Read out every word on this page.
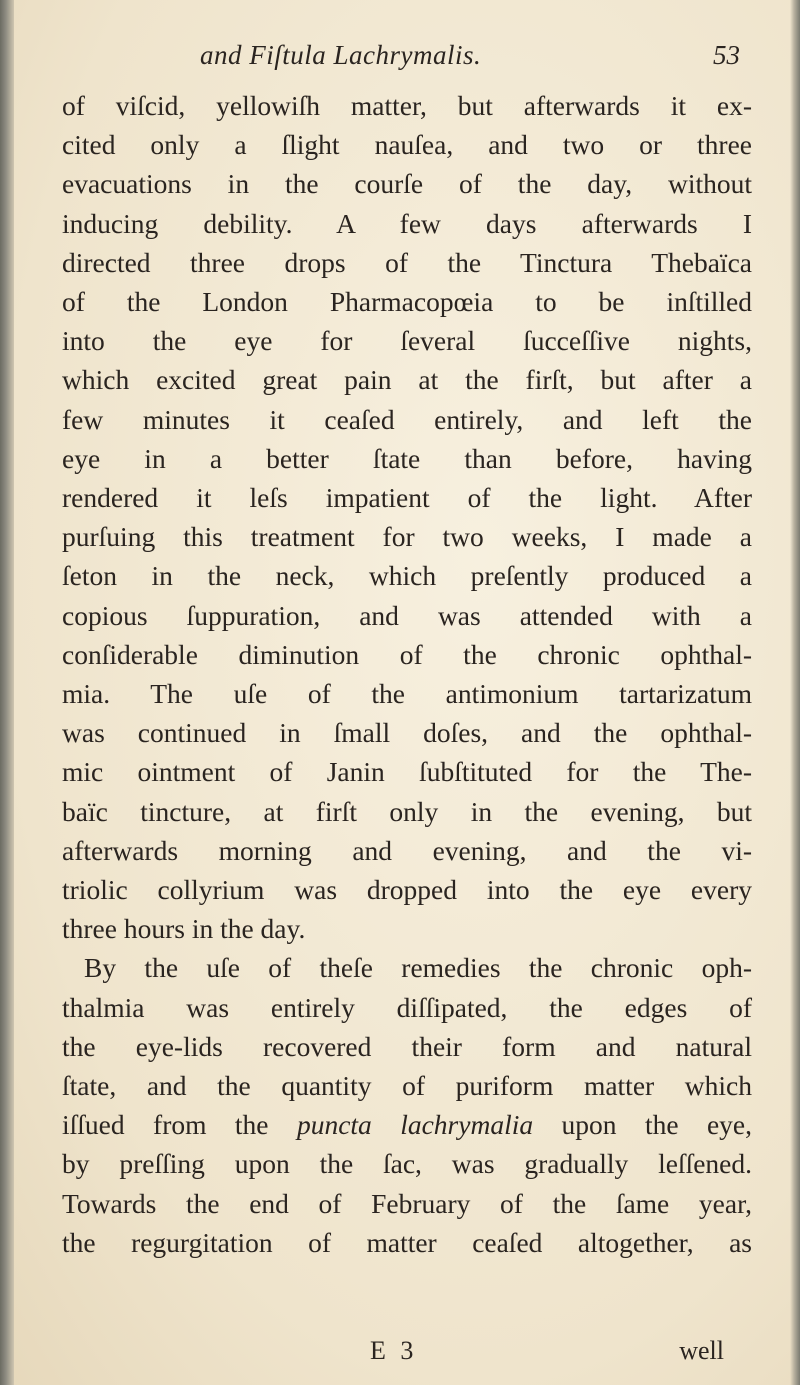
and Fiſtula Lachrymalis.	53
of viſcid, yellowiſh matter, but afterwards it ex-
cited only a ſlight nauſea, and two or three
evacuations in the courſe of the day, without
inducing debility. A few days afterwards I
directed three drops of the Tinctura Thebaïca
of the London Pharmacopœia to be inſtilled
into the eye for ſeveral ſucceſſive nights,
which excited great pain at the firſt, but after a
few minutes it ceaſed entirely, and left the
eye in a better ſtate than before, having
rendered it leſs impatient of the light. After
purſuing this treatment for two weeks, I made a
ſeton in the neck, which preſently produced a
copious ſuppuration, and was attended with a
conſiderable diminution of the chronic ophthal-
mia. The uſe of the antimonium tartarizatum
was continued in ſmall doſes, and the ophthal-
mic ointment of Janin ſubſtituted for the The-
baïc tincture, at firſt only in the evening, but
afterwards morning and evening, and the vi-
triolic collyrium was dropped into the eye every
three hours in the day.
By the uſe of theſe remedies the chronic oph-
thalmia was entirely diſſipated, the edges of
the eye-lids recovered their form and natural
ſtate, and the quantity of puriform matter which
iſſued from the punctа lachrymalia upon the eye,
by preſſing upon the ſac, was gradually leſſened.
Towards the end of February of the ſame year,
the regurgitation of matter ceaſed altogether, as
E 3	well
